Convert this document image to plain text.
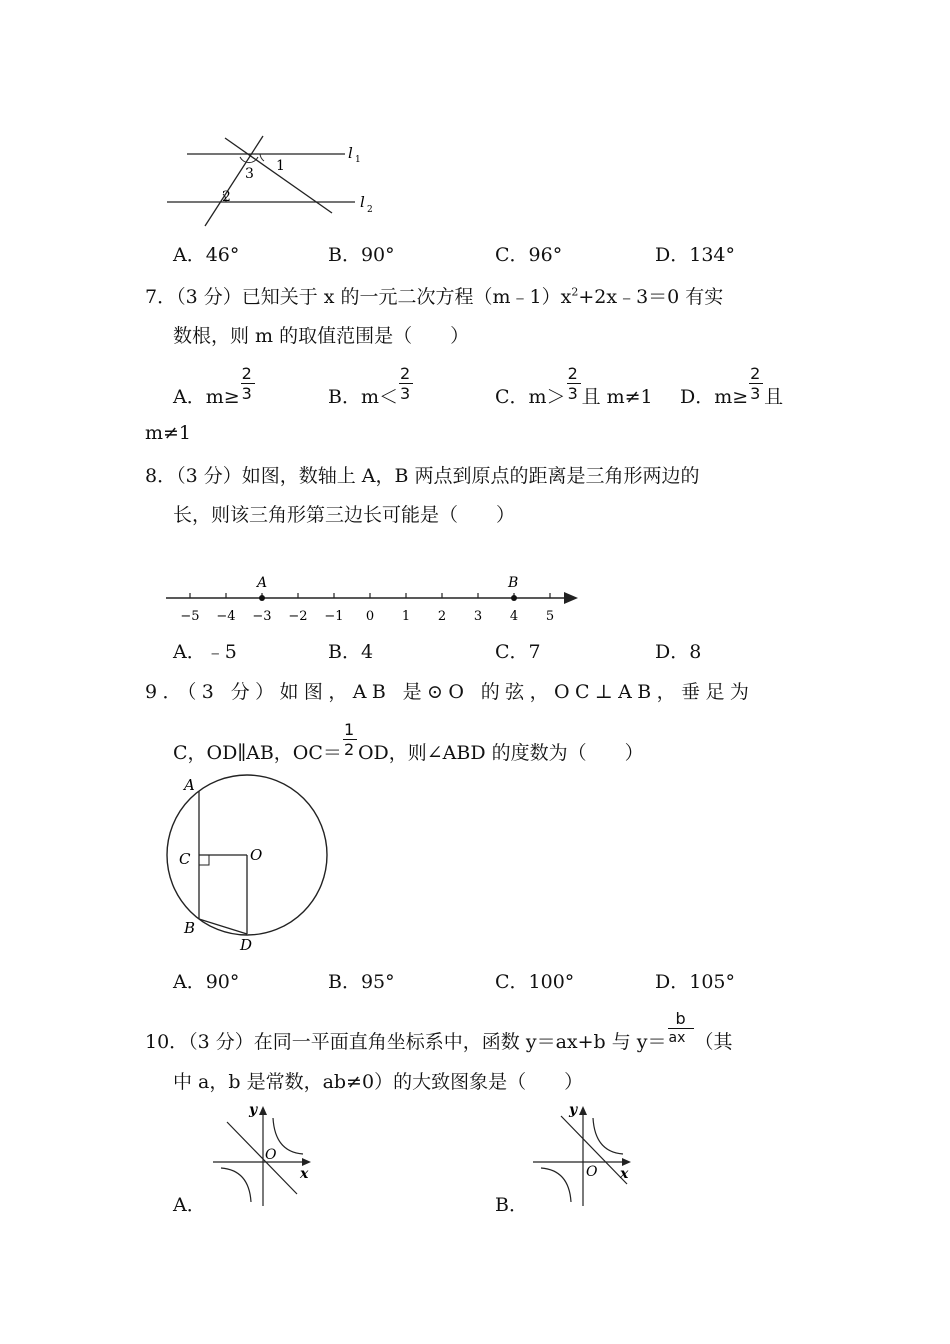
1
3
2
l 1
l 2
A．46°	B．90°	C．96°	D．134°
7．（3 分）已知关于 x 的一元二次方程$(m﹣1)x^2+2x﹣3=0$ 有实
数根，则 m 的取值范围是（　　）
A．$m\ge \frac{2}{3}$	B．$m< \frac{2}{3}$	C．$m> \frac{2}{3}$ 且 m≠1 D．$m\ge \frac{2}{3}$ 且
m≠1
8．（3 分）如图，数轴上 A，B 两点到原点的距离是三角形两边的
长，则该三角形第三边长可能是（　　）
−5 −4 −3 −2 −1 0 1 2 3 4 5
A	B
A．﹣5	B．4	C．7	D．8
9．（3 分）如图，AB 是⊙O 的弦，OC⊥AB，垂足为
C，OD∥AB，$OC= \frac{1}{2}$ OD，则∠ABD 的度数为（　　）
A
C	O
B
D
A．90°	B．95°	C．100°	D．105°
10．（3 分）在同一平面直角坐标系中，函数 y＝ax+b 与 $y= \frac{b}{ax}$ （其
中 a，b 是常数，ab≠0）的大致图象是（　　）
y
x
O
A．
y
x
O
B．
